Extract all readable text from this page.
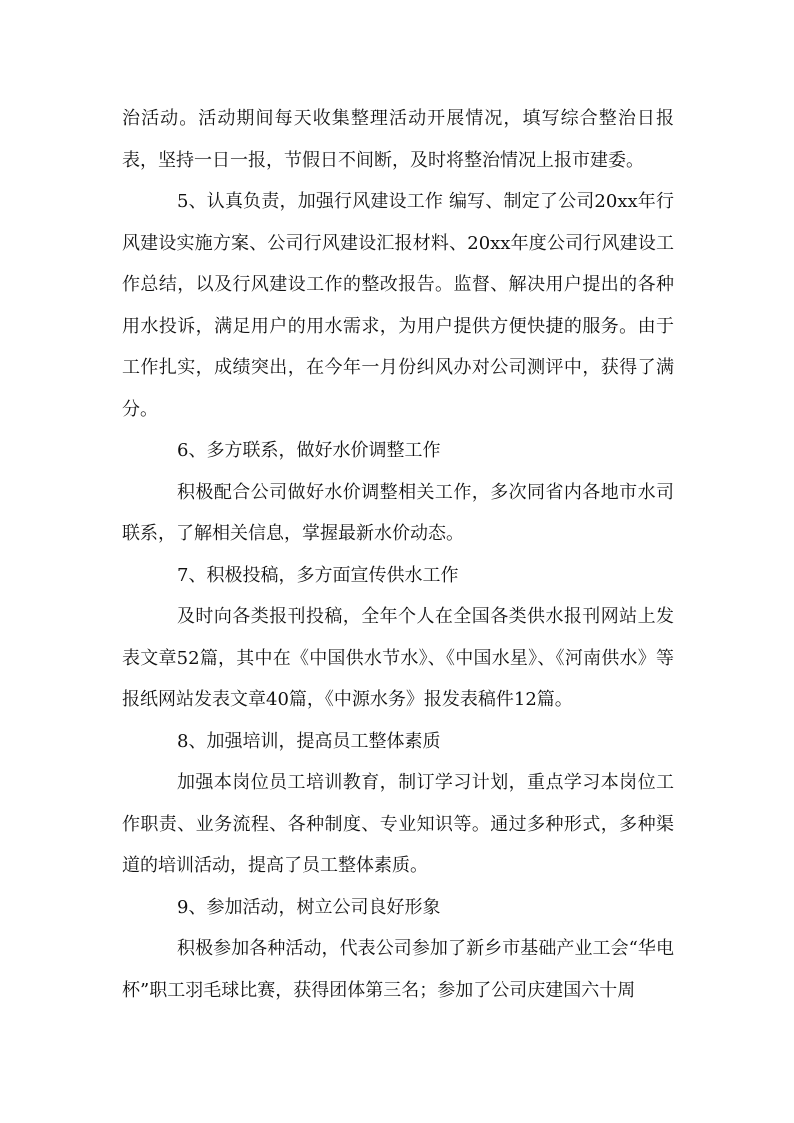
治活动。活动期间每天收集整理活动开展情况，填写综合整治日报表，坚持一日一报，节假日不间断，及时将整治情况上报市建委。

5、认真负责，加强行风建设工作 编写、制定了公司20xx年行风建设实施方案、公司行风建设汇报材料、20xx年度公司行风建设工作总结，以及行风建设工作的整改报告。监督、解决用户提出的各种用水投诉，满足用户的用水需求，为用户提供方便快捷的服务。由于工作扎实，成绩突出，在今年一月份纠风办对公司测评中，获得了满分。

6、多方联系，做好水价调整工作

积极配合公司做好水价调整相关工作，多次同省内各地市水司联系，了解相关信息，掌握最新水价动态。

7、积极投稿，多方面宣传供水工作

及时向各类报刊投稿，全年个人在全国各类供水报刊网站上发表文章52篇，其中在《中国供水节水》、《中国水星》、《河南供水》等报纸网站发表文章40篇，《中源水务》报发表稿件12篇。

8、加强培训，提高员工整体素质

加强本岗位员工培训教育，制订学习计划，重点学习本岗位工作职责、业务流程、各种制度、专业知识等。通过多种形式，多种渠道的培训活动，提高了员工整体素质。

9、参加活动，树立公司良好形象

积极参加各种活动，代表公司参加了新乡市基础产业工会“华电杯”职工羽毛球比赛，获得团体第三名；参加了公司庆建国六十周
